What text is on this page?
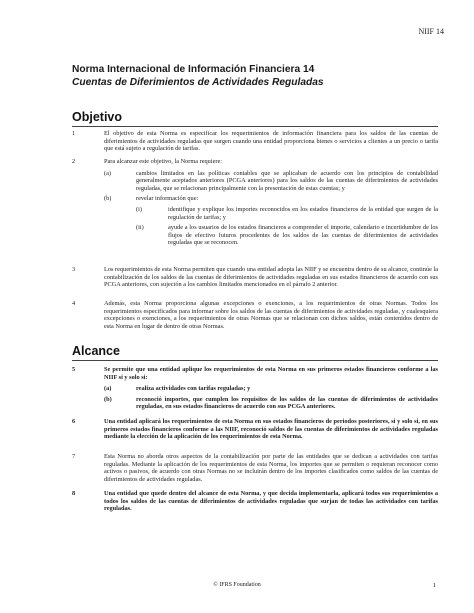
NIIF 14
Norma Internacional de Información Financiera 14
Cuentas de Diferimientos de Actividades Reguladas
Objetivo
1	El objetivo de esta Norma es especificar los requerimientos de información financiera para los saldos de las cuentas de diferimientos de actividades reguladas que surgen cuando una entidad proporciona bienes o servicios a clientes a un precio o tarifa que está sujeto a regulación de tarifas.
2	Para alcanzar este objetivo, la Norma requiere:
(a)	cambios limitados en las políticas contables que se aplicaban de acuerdo con los principios de contabilidad generalmente aceptados anteriores (PCGA anteriores) para los saldos de las cuentas de diferimientos de actividades reguladas, que se relacionan principalmente con la presentación de estas cuentas; y
(b)	revelar información que:
(i)	identifique y explique los importes reconocidos en los estados financieros de la entidad que surgen de la regulación de tarifas; y
(ii)	ayude a los usuarios de los estados financieros a comprender el importe, calendario e incertidumbre de los flujos de efectivo futuros procedentes de los saldos de las cuentas de diferimientos de actividades reguladas que se reconocen.
3	Los requerimientos de esta Norma permiten que cuando una entidad adopta las NIIF y se encuentra dentro de su alcance, continúe la contabilización de los saldos de las cuentas de diferimientos de actividades reguladas en sus estados financieros de acuerdo con sus PCGA anteriores, con sujeción a los cambios limitados mencionados en el párrafo 2 anterior.
4	Además, esta Norma proporciona algunas excepciones o exenciones, a los requerimientos de otras Normas. Todos los requerimientos especificados para informar sobre los saldos de las cuentas de diferimientos de actividades reguladas, y cualesquiera excepciones o exenciones, a los requerimientos de otras Normas que se relacionan con dichos saldos, están contenidos dentro de esta Norma en lugar de dentro de otras Normas.
Alcance
5	Se permite que una entidad aplique los requerimientos de esta Norma en sus primeros estados financieros conforme a las NIIF si y solo si:
(a)	realiza actividades con tarifas reguladas; y
(b)	reconoció importes, que cumplen los requisitos de los saldos de las cuentas de diferimientos de actividades reguladas, en sus estados financieros de acuerdo con sus PCGA anteriores.
6	Una entidad aplicará los requerimientos de esta Norma en sus estados financieros de periodos posteriores, si y solo si, en sus primeros estados financieros conforme a las NIIF, reconoció saldos de las cuentas de diferimientos de actividades reguladas mediante la elección de la aplicación de los requerimientos de esta Norma.
7	Esta Norma no aborda otros aspectos de la contabilización por parte de las entidades que se dedican a actividades con tarifas reguladas. Mediante la aplicación de los requerimientos de esta Norma, los importes que se permiten o requieran reconocer como activos o pasivos, de acuerdo con otras Normas no se incluirán dentro de los importes clasificados como saldos de las cuentas de diferimientos de actividades reguladas.
8	Una entidad que quede dentro del alcance de esta Norma, y que decida implementarla, aplicará todos sus requerimientos a todos los saldos de las cuentas de diferimientos de actividades reguladas que surjan de todas las actividades con tarifas reguladas.
© IFRS Foundation	1
